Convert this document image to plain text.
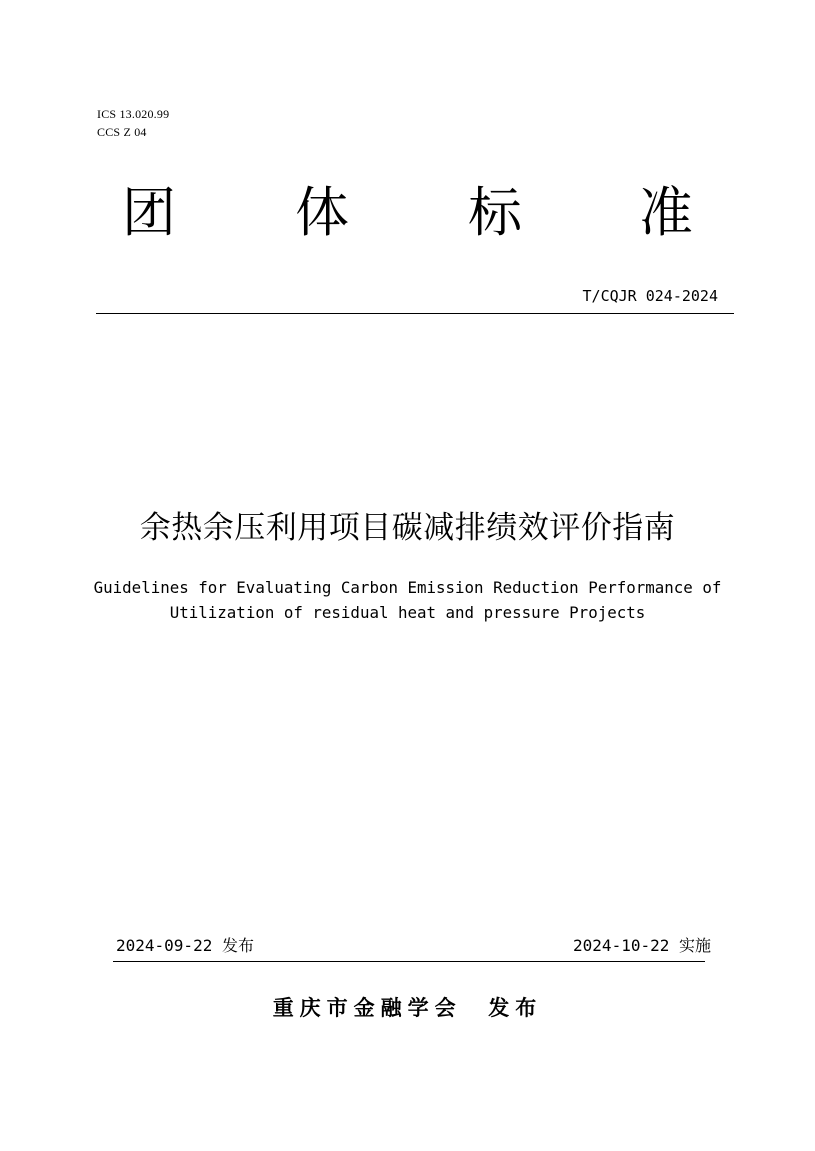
ICS 13.020.99
CCS Z 04
团 体 标 准
T/CQJR 024-2024
余热余压利用项目碳减排绩效评价指南
Guidelines for Evaluating Carbon Emission Reduction Performance of
Utilization of residual heat and pressure Projects
2024-09-22 发布	2024-10-22 实施
重庆市金融学会  发布
